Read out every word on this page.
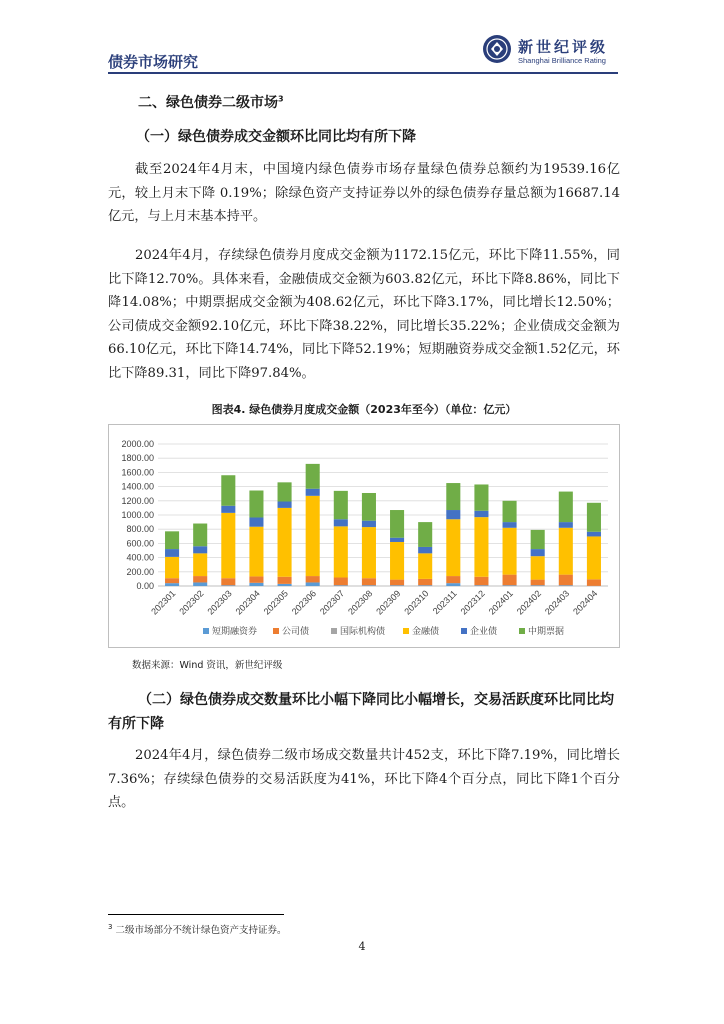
债券市场研究
新世纪评级
Shanghai Brilliance Rating
二、绿色债券二级市场$^3$
（一）绿色债券成交金额环比同比均有所下降

截至2024年4月末，中国境内绿色债券市场存量绿色债券总额约为19539.16亿元，较上月末下降 0.19%；除绿色资产支持证券以外的绿色债券存量总额为16687.14亿元，与上月末基本持平。

2024年4月，存续绿色债券月度成交金额为1172.15亿元，环比下降11.55%，同比下降12.70%。具体来看，金融债成交金额为603.82亿元，环比下降8.86%，同比下降14.08%；中期票据成交金额为408.62亿元，环比下降3.17%，同比增长12.50%；公司债成交金额92.10亿元，环比下降38.22%，同比增长35.22%；企业债成交金额为66.10亿元，环比下降14.74%，同比下降52.19%；短期融资券成交金额1.52亿元，环比下降89.31，同比下降97.84%。

图表4. 绿色债券月度成交金额（2023年至今）（单位：亿元）
0.00
200.00
400.00
600.00
800.00
1000.00
1200.00
1400.00
1600.00
1800.00
2000.00
202301 202302 202303 202304 202305 202306 202307 202308 202309 202310 202311 202312 202401 202402 202403 202404
短期融资券	公司债	国际机构债	金融债	企业债	中期票据
数据来源：Wind 资讯，新世纪评级
（二）绿色债券成交数量环比小幅下降同比小幅增长，交易活跃度环比同比均有所下降

2024年4月，绿色债券二级市场成交数量共计452支，环比下降7.19%，同比增长7.36%；存续绿色债券的交易活跃度为41%，环比下降4个百分点，同比下降1个百分点。

$^3$ 二级市场部分不统计绿色资产支持证券。
4
